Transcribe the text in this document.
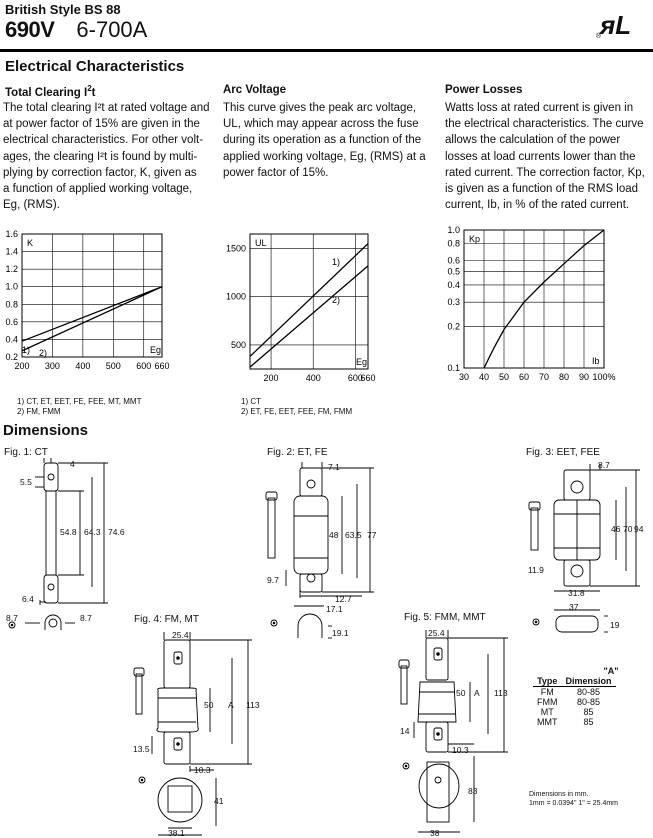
British Style BS 88
690V 6-700A	ᴙL
®
Electrical Characteristics
Total Clearing $I^2t$
The total clearing I²t at rated voltage and
at power factor of 15% are given in the
electrical characteristics. For other volt-
ages, the clearing I²t is found by multi-
plying by correction factor, K, given as
a function of applied working voltage,
Eg, (RMS).
Arc Voltage
This curve gives the peak arc voltage,
UL, which may appear across the fuse
during its operation as a function of the
applied working voltage, Eg, (RMS) at a
power factor of 15%.
Power Losses
Watts loss at rated current is given in
the electrical characteristics. The curve
allows the calculation of the power
losses at load currents lower than the
rated current. The correction factor, Kp,
is given as a function of the RMS load
current, Ib, in % of the rated current.
200 300 400 500 600 660
0.2
0.4
0.6
0.8
1.0
1.2
1.4
1.6
K
Eg
1) 2)
200	400	600
660
500
1000
1500
UL
Eg
1)
2)
30 40 50 60 70 80 90 100%
0.1
0.2
0.3
0.4
0.5
0.6
0.8
1.0
Kp
Ib
1) CT, ET, EET, FE, FEE, MT, MMT
2) FM, FMM
1) CT
2) ET, FE, EET, FEE, FM, FMM
Dimensions
Fig. 1: CT	Fig. 2: ET, FE	Fig. 3: EET, FEE
Fig. 4: FM, MT	Fig. 5: FMM, MMT
4
5.5
54.8 64.3 74.6
6.4
8.7	8.7
7.1
48 63.5 77
9.7
12.7
17.1
19.1
8.7
46 70 94
11.9
31.8
37
19
25.4
50 A 113
13.5
10.3
41
38.1
25.4
50 A 113
14
10.3
83
38
"A"
Type	Dimension
FM	80-85
FMM	80-85
MT	85
MMT	85
Dimensions in mm.
1mm = 0.0394" 1" = 25.4mm
